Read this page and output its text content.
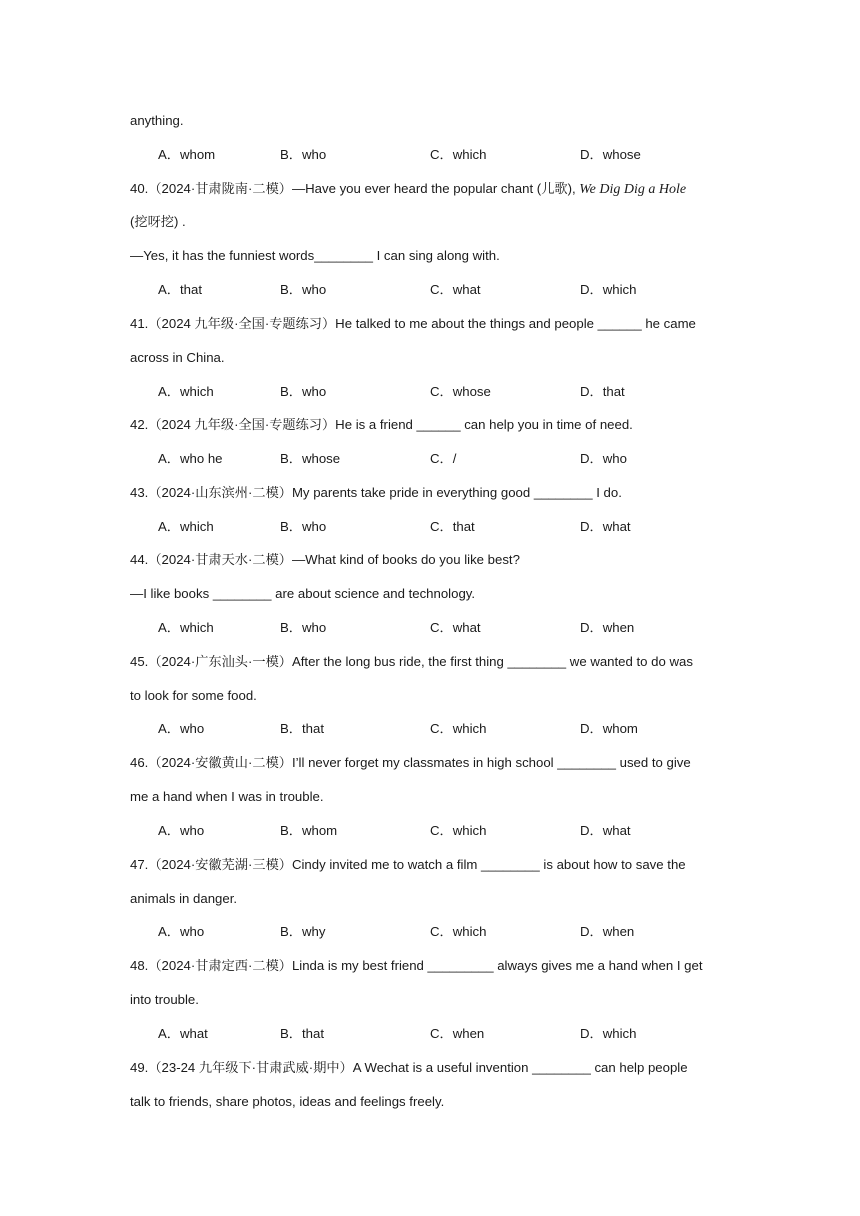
anything.
A．whom	B．who	C．which	D．whose
40.（2024·甘肃陇南·二模）—Have you ever heard the popular chant (儿歌), We Dig Dig a Hole
(挖呀挖) .
—Yes, it has the funniest words________ I can sing along with.
A．that	B．who	C．what	D．which
41.（2024 九年级·全国·专题练习）He talked to me about the things and people ______ he came
across in China.
A．which	B．who	C．whose	D．that
42.（2024 九年级·全国·专题练习）He is a friend ______ can help you in time of need.
A．who he	B．whose	C．/	D．who
43.（2024·山东滨州·二模）My parents take pride in everything good ________ I do.
A．which	B．who	C．that	D．what
44.（2024·甘肃天水·二模）—What kind of books do you like best?
—I like books ________ are about science and technology.
A．which	B．who	C．what	D．when
45.（2024·广东汕头·一模）After the long bus ride, the first thing ________ we wanted to do was
to look for some food.
A．who	B．that	C．which	D．whom
46.（2024·安徽黄山·二模）I’ll never forget my classmates in high school ________ used to give
me a hand when I was in trouble.
A．who	B．whom	C．which	D．what
47.（2024·安徽芜湖·三模）Cindy invited me to watch a film ________ is about how to save the
animals in danger.
A．who	B．why	C．which	D．when
48.（2024·甘肃定西·二模）Linda is my best friend _________ always gives me a hand when I get
into trouble.
A．what	B．that	C．when	D．which
49.（23-24 九年级下·甘肃武威·期中）A Wechat is a useful invention ________ can help people
talk to friends, share photos, ideas and feelings freely.
